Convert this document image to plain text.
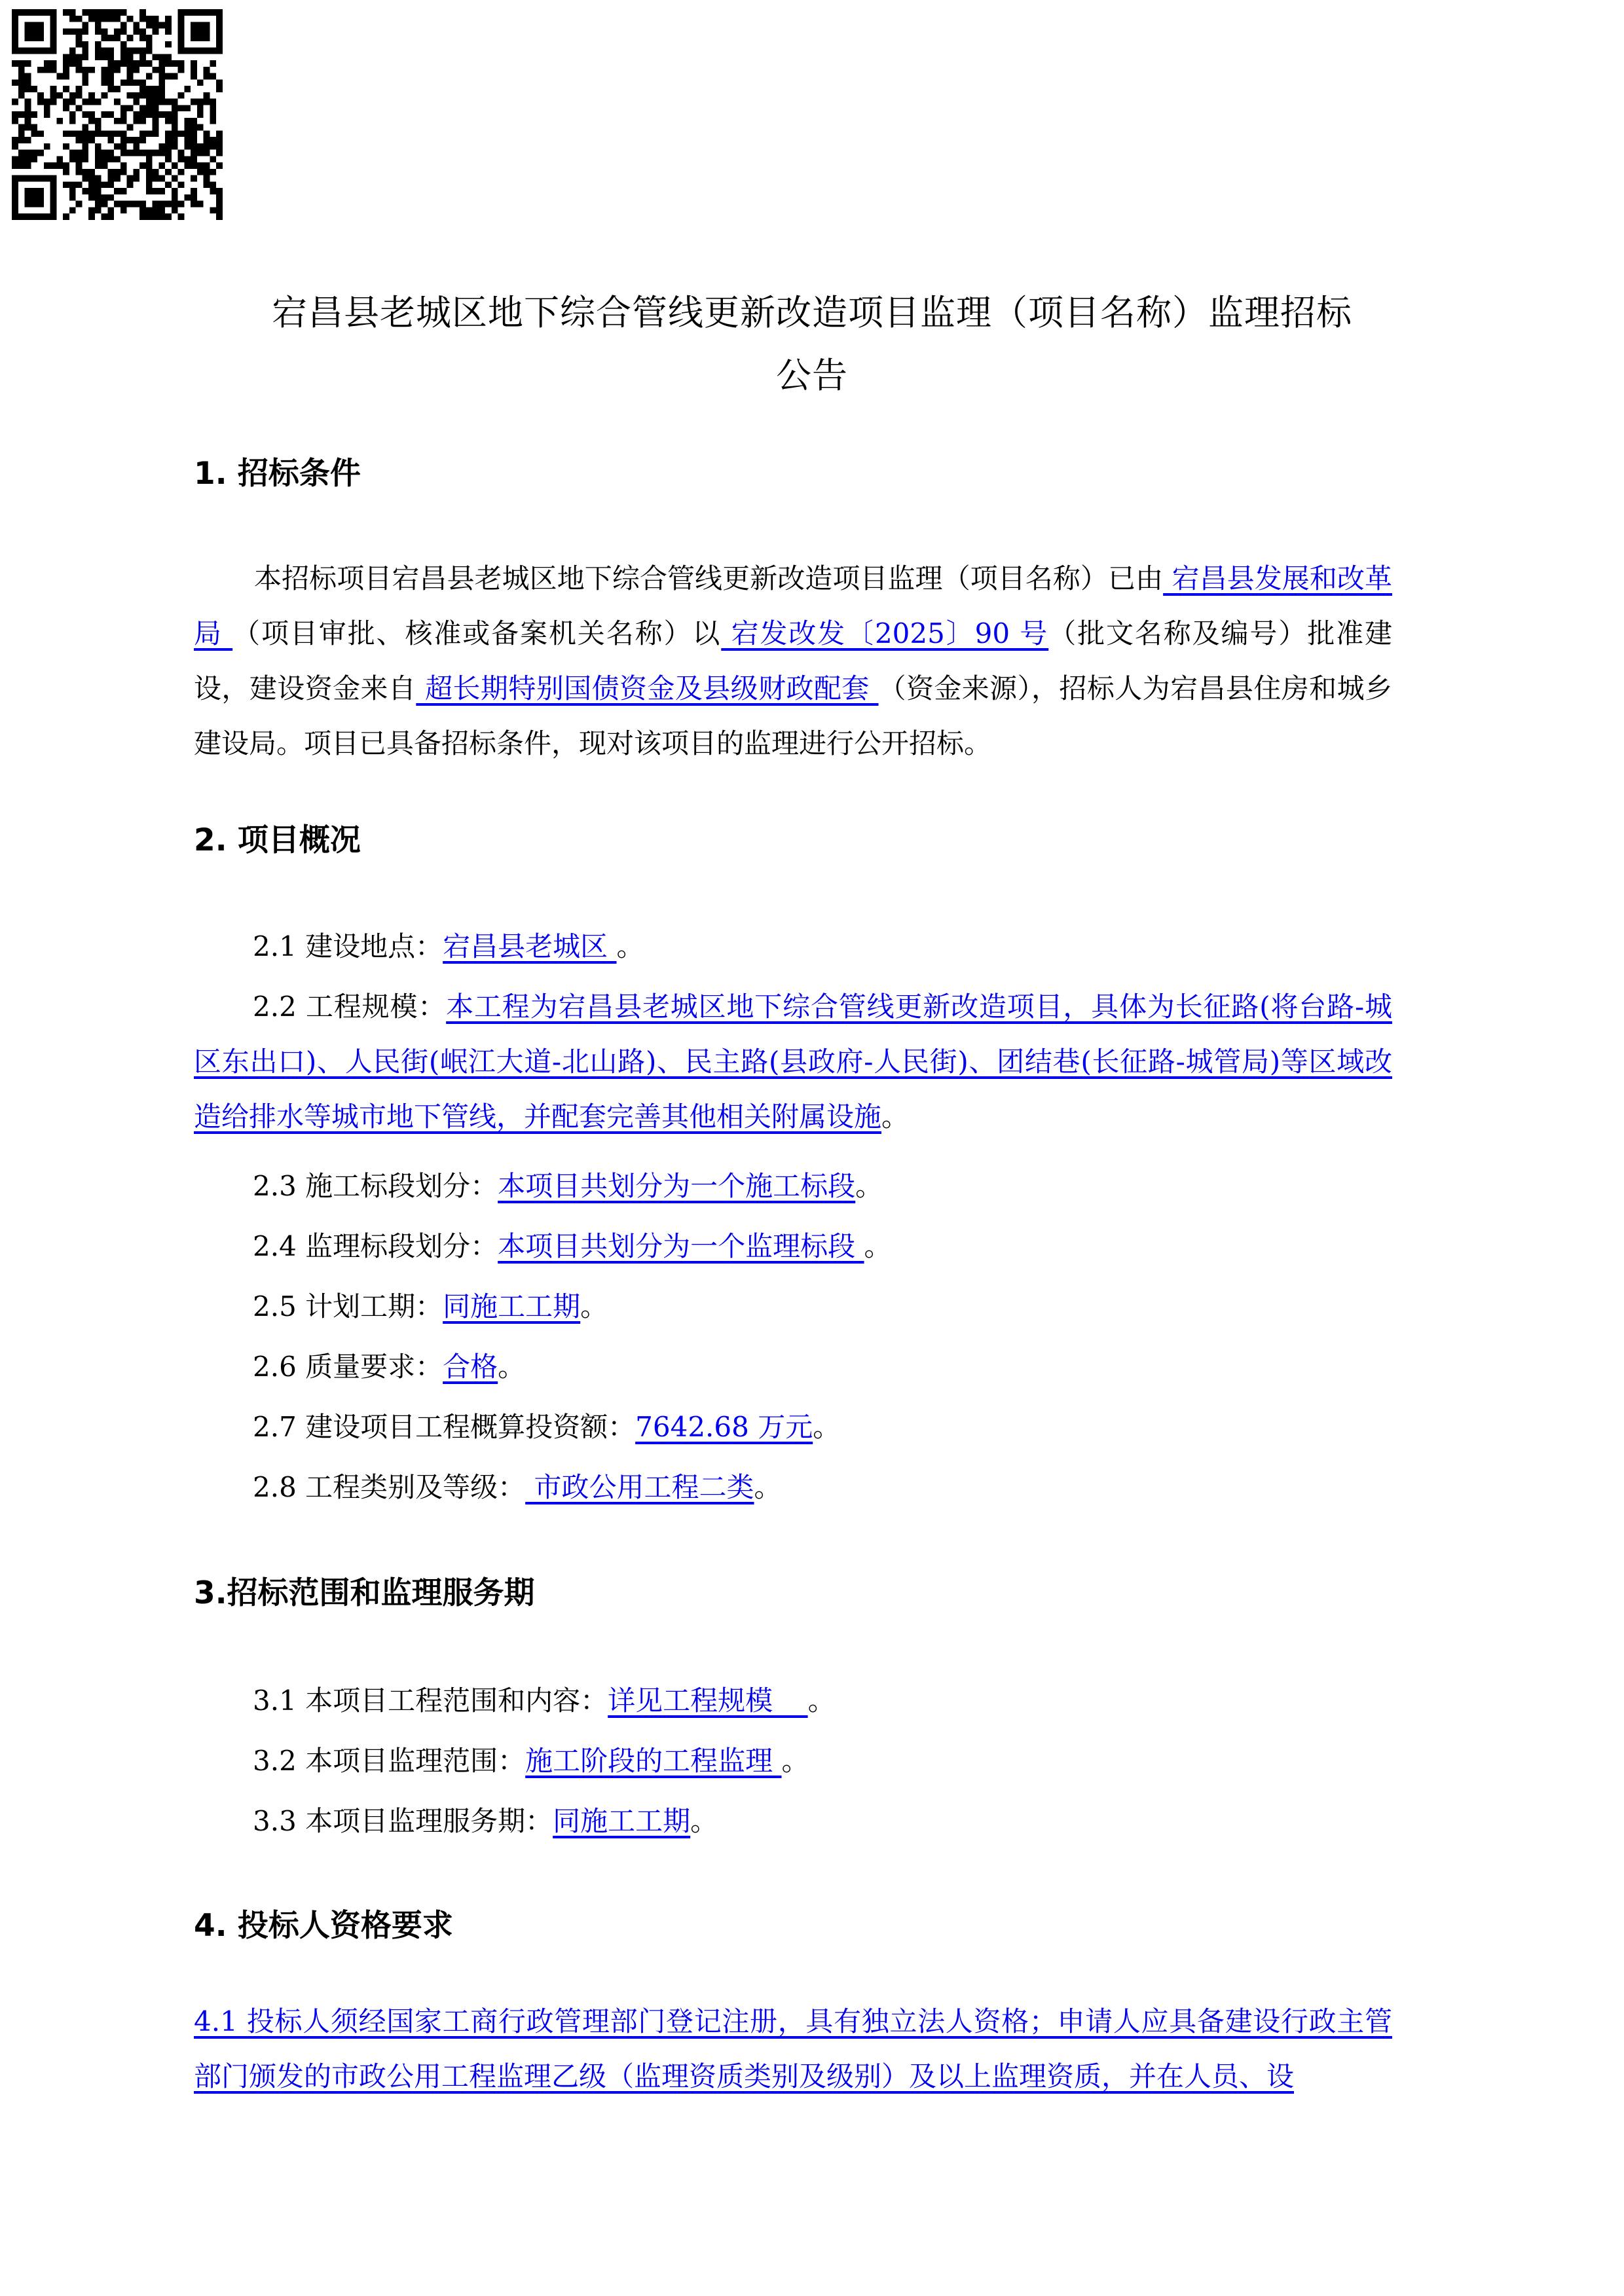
宕昌县老城区地下综合管线更新改造项目监理（项目名称）监理招标
公告
1. 招标条件
本招标项目宕昌县老城区地下综合管线更新改造项目监理（项目名称）已由 宕昌县发展和改革局 （项目审批、核准或备案机关名称）以 宕发改发〔2025〕90 号（批文名称及编号）批准建设，建设资金来自 超长期特别国债资金及县级财政配套 （资金来源），招标人为宕昌县住房和城乡建设局。项目已具备招标条件，现对该项目的监理进行公开招标。
2. 项目概况
2.1 建设地点：宕昌县老城区 。
2.2 工程规模：本工程为宕昌县老城区地下综合管线更新改造项目，具体为长征路(将台路-城区东出口)、人民街(岷江大道-北山路)、民主路(县政府-人民街)、团结巷(长征路-城管局)等区域改造给排水等城市地下管线，并配套完善其他相关附属设施。
2.3 施工标段划分：本项目共划分为一个施工标段。
2.4 监理标段划分：本项目共划分为一个监理标段 。
2.5 计划工期：同施工工期。
2.6 质量要求：合格。
2.7 建设项目工程概算投资额：7642.68 万元。
2.8 工程类别及等级： 市政公用工程二类。
3.招标范围和监理服务期
3.1 本项目工程范围和内容：详见工程规模    。
3.2 本项目监理范围：施工阶段的工程监理 。
3.3 本项目监理服务期：同施工工期。
4. 投标人资格要求
4.1 投标人须经国家工商行政管理部门登记注册，具有独立法人资格；申请人应具备建设行政主管部门颁发的市政公用工程监理乙级（监理资质类别及级别）及以上监理资质，并在人员、设
